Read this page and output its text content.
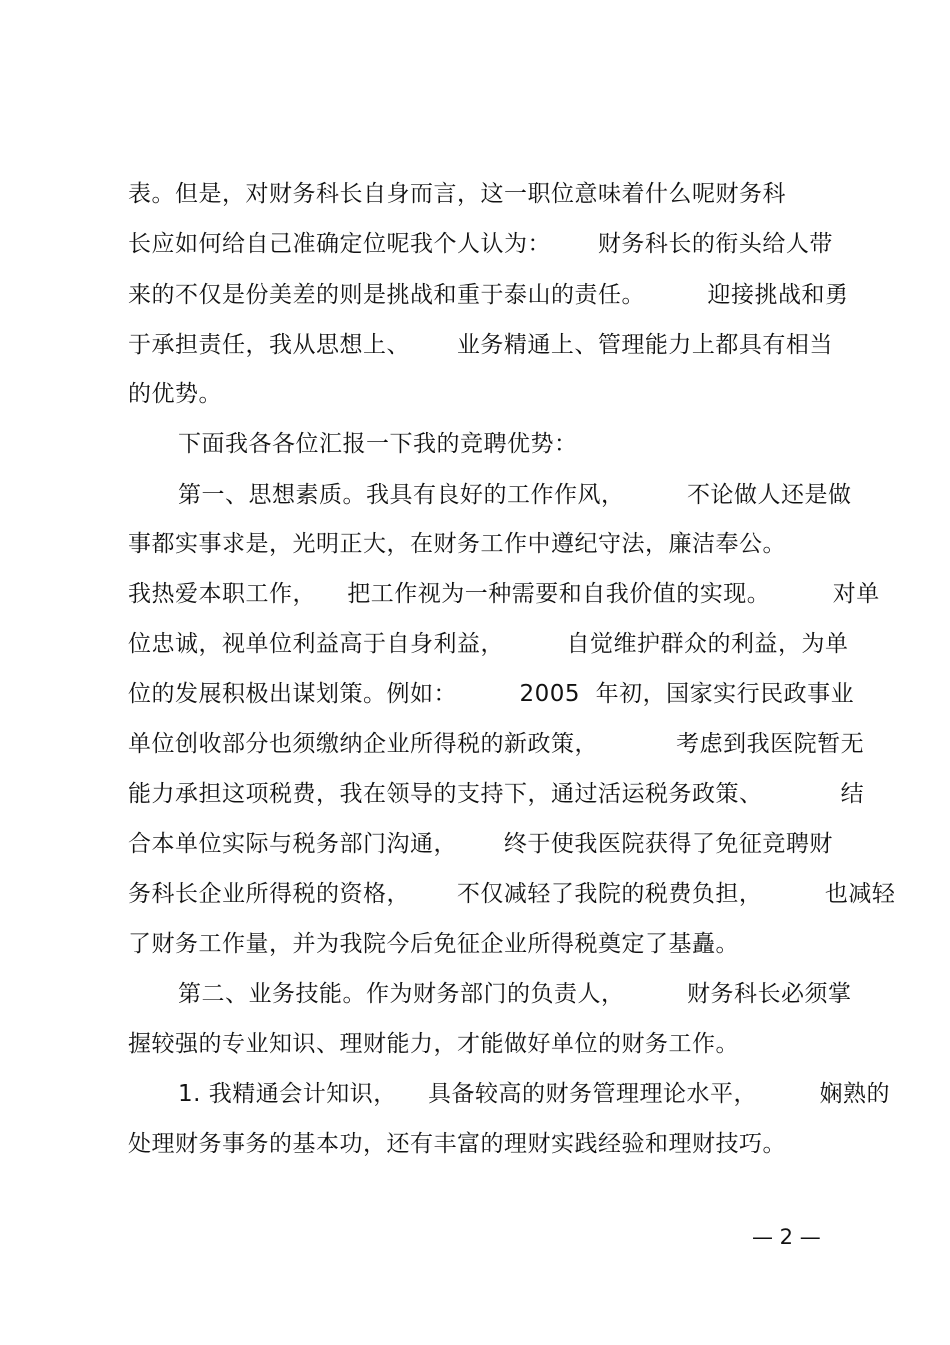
表。但是，对财务科长自身而言，这一职位意味着什么呢财务科
长应如何给自己准确定位呢我个人认为：      财务科长的衔头给人带
来的不仅是份美差的则是挑战和重于泰山的责任。        迎接挑战和勇
于承担责任，我从思想上、      业务精通上、管理能力上都具有相当
的优势。
下面我各各位汇报一下我的竞聘优势：
第一、思想素质。我具有良好的工作作风，        不论做人还是做
事都实事求是，光明正大，在财务工作中遵纪守法，廉洁奉公。
我热爱本职工作，    把工作视为一种需要和自我价值的实现。        对单
位忠诚，视单位利益高于自身利益，        自觉维护群众的利益，为单
位的发展积极出谋划策。例如：        2005  年初，国家实行民政事业
单位创收部分也须缴纳企业所得税的新政策，          考虑到我医院暂无
能力承担这项税费，我在领导的支持下，通过活运税务政策、          结
合本单位实际与税务部门沟通，      终于使我医院获得了免征竞聘财
务科长企业所得税的资格，      不仅减轻了我院的税费负担，        也减轻
了财务工作量，并为我院今后免征企业所得税奠定了基矗。
第二、业务技能。作为财务部门的负责人，        财务科长必须掌
握较强的专业知识、理财能力，才能做好单位的财务工作。
1. 我精通会计知识，    具备较高的财务管理理论水平，        娴熟的
处理财务事务的基本功，还有丰富的理财实践经验和理财技巧。
— 2 —
